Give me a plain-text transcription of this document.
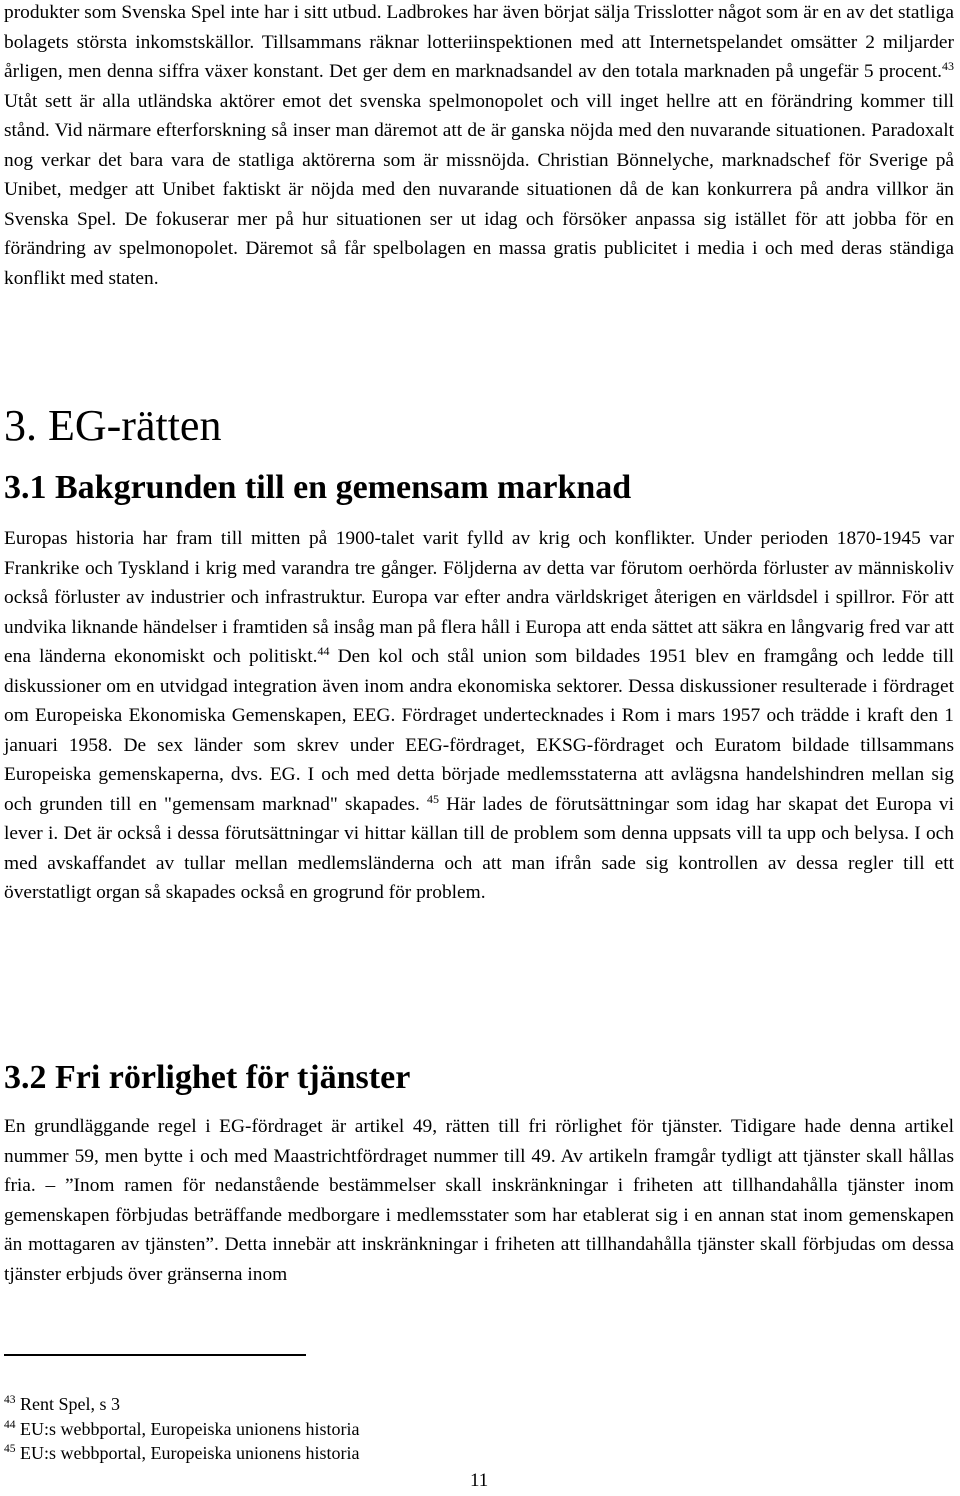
produkter som Svenska Spel inte har i sitt utbud. Ladbrokes har även börjat sälja Trisslotter något som är en av det statliga bolagets största inkomstskällor. Tillsammans räknar lotteriinspektionen med att Internetspelandet omsätter 2 miljarder årligen, men denna siffra växer konstant. Det ger dem en marknadsandel av den totala marknaden på ungefär 5 procent.$^{43}$ Utåt sett är alla utländska aktörer emot det svenska spelmonopolet och vill inget hellre att en förändring kommer till stånd. Vid närmare efterforskning så inser man däremot att de är ganska nöjda med den nuvarande situationen. Paradoxalt nog verkar det bara vara de statliga aktörerna som är missnöjda. Christian Bönnelyche, marknadschef för Sverige på Unibet, medger att Unibet faktiskt är nöjda med den nuvarande situationen då de kan konkurrera på andra villkor än Svenska Spel. De fokuserar mer på hur situationen ser ut idag och försöker anpassa sig istället för att jobba för en förändring av spelmonopolet. Däremot så får spelbolagen en massa gratis publicitet i media i och med deras ständiga konflikt med staten.

3. EG-rätten
3.1 Bakgrunden till en gemensam marknad

Europas historia har fram till mitten på 1900-talet varit fylld av krig och konflikter. Under perioden 1870-1945 var Frankrike och Tyskland i krig med varandra tre gånger. Följderna av detta var förutom oerhörda förluster av människoliv också förluster av industrier och infrastruktur. Europa var efter andra världskriget återigen en världsdel i spillror. För att undvika liknande händelser i framtiden så insåg man på flera håll i Europa att enda sättet att säkra en långvarig fred var att ena länderna ekonomiskt och politiskt.$^{44}$ Den kol och stål union som bildades 1951 blev en framgång och ledde till diskussioner om en utvidgad integration även inom andra ekonomiska sektorer. Dessa diskussioner resulterade i fördraget om Europeiska Ekonomiska Gemenskapen, EEG. Fördraget undertecknades i Rom i mars 1957 och trädde i kraft den 1 januari 1958. De sex länder som skrev under EEG-fördraget, EKSG-fördraget och Euratom bildade tillsammans Europeiska gemenskaperna, dvs. EG. I och med detta började medlemsstaterna att avlägsna handelshindren mellan sig och grunden till en "gemensam marknad" skapades. $^{45}$ Här lades de förutsättningar som idag har skapat det Europa vi lever i. Det är också i dessa förutsättningar vi hittar källan till de problem som denna uppsats vill ta upp och belysa. I och med avskaffandet av tullar mellan medlemsländerna och att man ifrån sade sig kontrollen av dessa regler till ett överstatligt organ så skapades också en grogrund för problem.

3.2 Fri rörlighet för tjänster

En grundläggande regel i EG-fördraget är artikel 49, rätten till fri rörlighet för tjänster. Tidigare hade denna artikel nummer 59, men bytte i och med Maastrichtfördraget nummer till 49. Av artikeln framgår tydligt att tjänster skall hållas fria. – ”Inom ramen för nedanstående bestämmelser skall inskränkningar i friheten att tillhandahålla tjänster inom gemenskapen förbjudas beträffande medborgare i medlemsstater som har etablerat sig i en annan stat inom gemenskapen än mottagaren av tjänsten”. Detta innebär att inskränkningar i friheten att tillhandahålla tjänster skall förbjudas om dessa tjänster erbjuds över gränserna inom

$^{43}$ Rent Spel, s 3

$^{44}$ EU:s webbportal, Europeiska unionens historia

$^{45}$ EU:s webbportal, Europeiska unionens historia

11
